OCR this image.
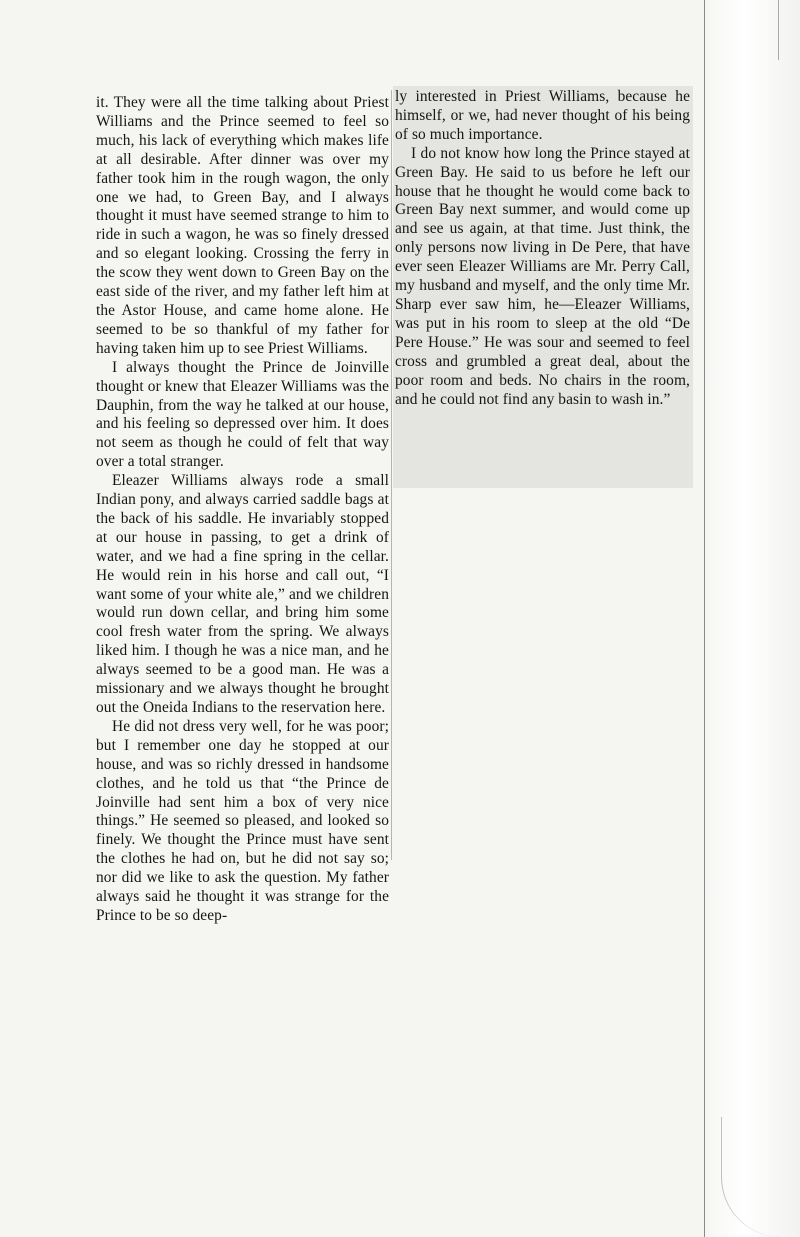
it. They were all the time talking about Priest Williams and the Prince seemed to feel so much, his lack of everything which makes life at all desirable. After dinner was over my father took him in the rough wagon, the only one we had, to Green Bay, and I always thought it must have seemed strange to him to ride in such a wagon, he was so finely dressed and so elegant looking. Crossing the ferry in the scow they went down to Green Bay on the east side of the river, and my father left him at the Astor House, and came home alone. He seemed to be so thankful of my father for having taken him up to see Priest Williams.

I always thought the Prince de Joinville thought or knew that Eleazer Williams was the Dauphin, from the way he talked at our house, and his feeling so depressed over him. It does not seem as though he could of felt that way over a total stranger.

Eleazer Williams always rode a small Indian pony, and always carried saddle bags at the back of his saddle. He invariably stopped at our house in passing, to get a drink of water, and we had a fine spring in the cellar. He would rein in his horse and call out, “I want some of your white ale,” and we children would run down cellar, and bring him some cool fresh water from the spring. We always liked him. I though he was a nice man, and he always seemed to be a good man. He was a missionary and we always thought he brought out the Oneida Indians to the reservation here.

He did not dress very well, for he was poor; but I remember one day he stopped at our house, and was so richly dressed in handsome clothes, and he told us that “the Prince de Joinville had sent him a box of very nice things.” He seemed so pleased, and looked so finely. We thought the Prince must have sent the clothes he had on, but he did not say so; nor did we like to ask the question. My father always said he thought it was strange for the Prince to be so deep-

ly interested in Priest Williams, because he himself, or we, had never thought of his being of so much importance.

I do not know how long the Prince stayed at Green Bay. He said to us before he left our house that he thought he would come back to Green Bay next summer, and would come up and see us again, at that time. Just think, the only persons now living in De Pere, that have ever seen Eleazer Williams are Mr. Perry Call, my husband and myself, and the only time Mr. Sharp ever saw him, he—Eleazer Williams, was put in his room to sleep at the old “De Pere House.” He was sour and seemed to feel cross and grumbled a great deal, about the poor room and beds. No chairs in the room, and he could not find any basin to wash in.”
